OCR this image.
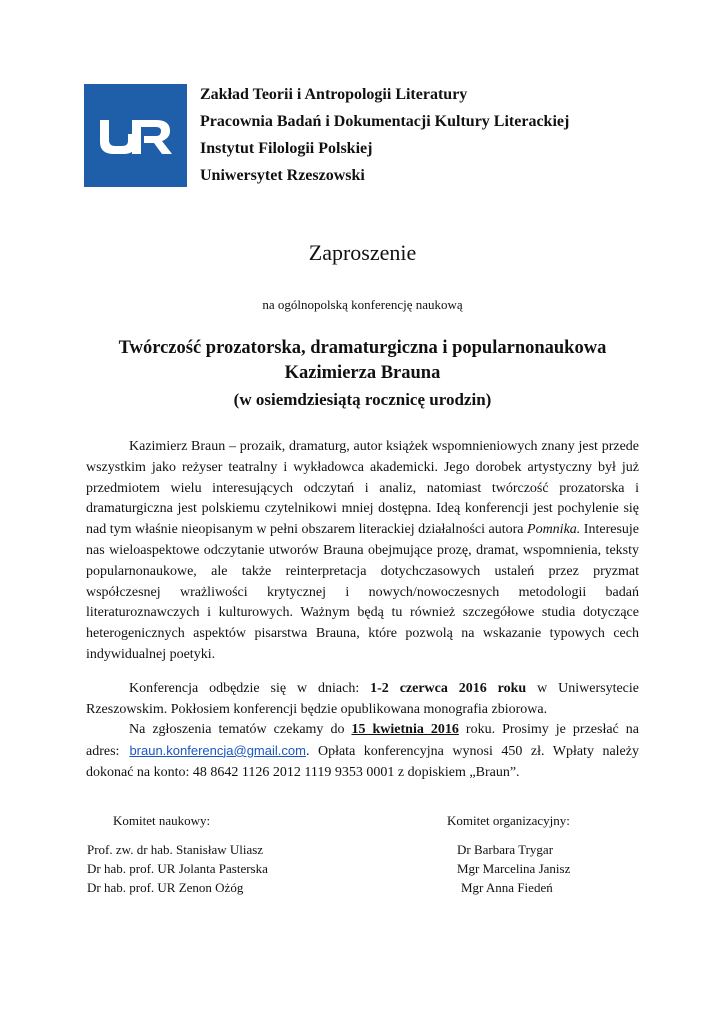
Zakład Teorii i Antropologii Literatury
Pracownia Badań i Dokumentacji Kultury Literackiej
Instytut Filologii Polskiej
Uniwersytet Rzeszowski
Zaproszenie
na ogólnopolską konferencję naukową
Twórczość prozatorska, dramaturgiczna i popularnonaukowa
Kazimierza Brauna
(w osiemdziesiątą rocznicę urodzin)

Kazimierz Braun – prozaik, dramaturg, autor książek wspomnieniowych znany jest przede wszystkim jako reżyser teatralny i wykładowca akademicki. Jego dorobek artystyczny był już przedmiotem wielu interesujących odczytań i analiz, natomiast twórczość prozatorska i dramaturgiczna jest polskiemu czytelnikowi mniej dostępna. Ideą konferencji jest pochylenie się nad tym właśnie nieopisanym w pełni obszarem literackiej działalności autora Pomnika. Interesuje nas wieloaspektowe odczytanie utworów Brauna obejmujące prozę, dramat, wspomnienia, teksty popularnonaukowe, ale także reinterpretacja dotychczasowych ustaleń przez pryzmat współczesnej wrażliwości krytycznej i nowych/nowoczesnych metodologii badań literaturoznawczych i kulturowych. Ważnym będą tu również szczegółowe studia dotyczące heterogenicznych aspektów pisarstwa Brauna, które pozwolą na wskazanie typowych cech indywidualnej poetyki.

Konferencja odbędzie się w dniach: 1-2 czerwca 2016 roku w Uniwersytecie Rzeszowskim. Pokłosiem konferencji będzie opublikowana monografia zbiorowa.

Na zgłoszenia tematów czekamy do 15 kwietnia 2016 roku. Prosimy je przesłać na adres: braun.konferencja@gmail.com. Opłata konferencyjna wynosi 450 zł. Wpłaty należy dokonać na konto: 48 8642 1126 2012 1119 9353 0001 z dopiskiem „Braun”.

Komitet naukowy:	Komitet organizacyjny:
Prof. zw. dr hab. Stanisław Uliasz
Dr hab. prof. UR Jolanta Pasterska
Dr hab. prof. UR Zenon Ożóg
Dr Barbara Trygar
Mgr Marcelina Janisz
Mgr Anna Fiedeń
